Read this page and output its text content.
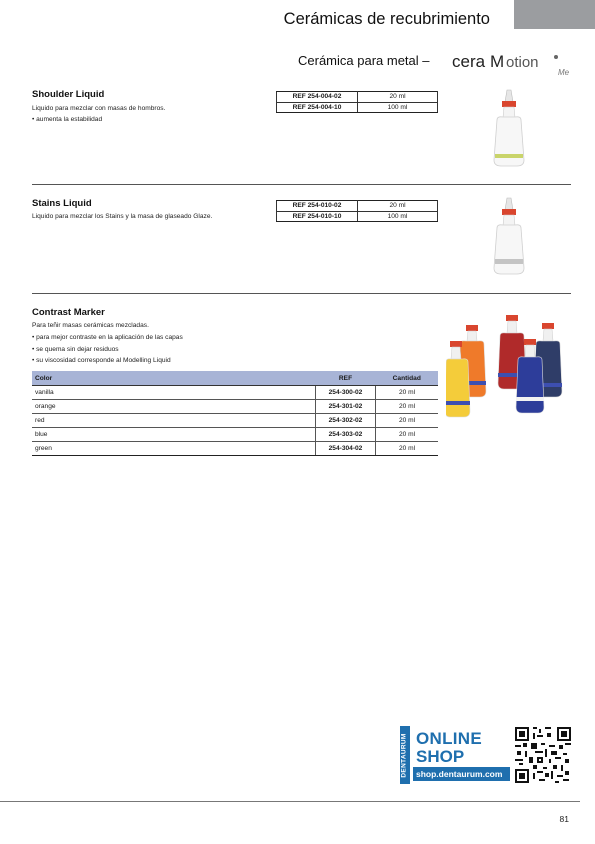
Cerámicas de recubrimiento
Cerámica para metal – cera M otion
Me
Shoulder Liquid
Liquido para mezclar con masas de hombros.
• aumenta la estabilidad
REF 254-004-02	20 ml
REF 254-004-10	100 ml
Stains Liquid
Liquido para mezclar los Stains y la masa de glaseado Glaze.
REF 254-010-02	20 ml
REF 254-010-10	100 ml
Contrast Marker
Para teñir masas cerámicas mezcladas.
• para mejor contraste en la aplicación de las capas
• se quema sin dejar residuos
• su viscosidad corresponde al Modelling Liquid
Color	REF	Cantidad
vanilla	254-300-02	20 ml
orange	254-301-02	20 ml
red	254-302-02	20 ml
blue	254-303-02	20 ml
green	254-304-02	20 ml
DENTAURUM ONLINE
SHOP
shop.dentaurum.com
81
